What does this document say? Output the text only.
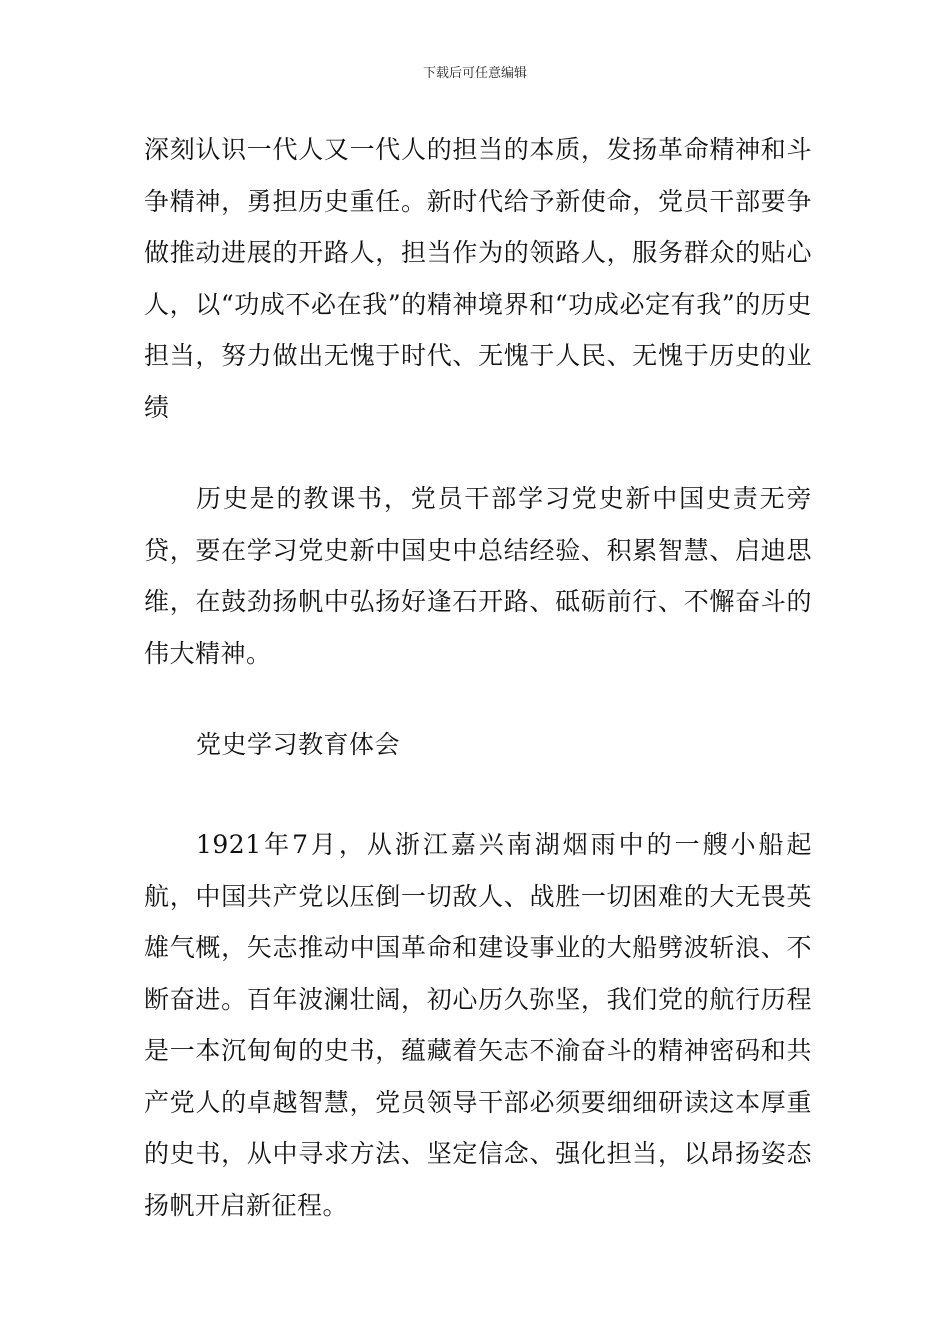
下载后可任意编辑

深刻认识一代人又一代人的担当的本质，发扬革命精神和斗争精神，勇担历史重任。新时代给予新使命，党员干部要争做推动进展的开路人，担当作为的领路人，服务群众的贴心人，以“功成不必在我”的精神境界和“功成必定有我”的历史担当，努力做出无愧于时代、无愧于人民、无愧于历史的业绩

历史是的教课书，党员干部学习党史新中国史责无旁贷，要在学习党史新中国史中总结经验、积累智慧、启迪思维，在鼓劲扬帆中弘扬好逢石开路、砥砺前行、不懈奋斗的伟大精神。

党史学习教育体会

1921年7月，从浙江嘉兴南湖烟雨中的一艘小船起航，中国共产党以压倒一切敌人、战胜一切困难的大无畏英雄气概，矢志推动中国革命和建设事业的大船劈波斩浪、不断奋进。百年波澜壮阔，初心历久弥坚，我们党的航行历程是一本沉甸甸的史书，蕴藏着矢志不渝奋斗的精神密码和共产党人的卓越智慧，党员领导干部必须要细细研读这本厚重的史书，从中寻求方法、坚定信念、强化担当，以昂扬姿态扬帆开启新征程。
